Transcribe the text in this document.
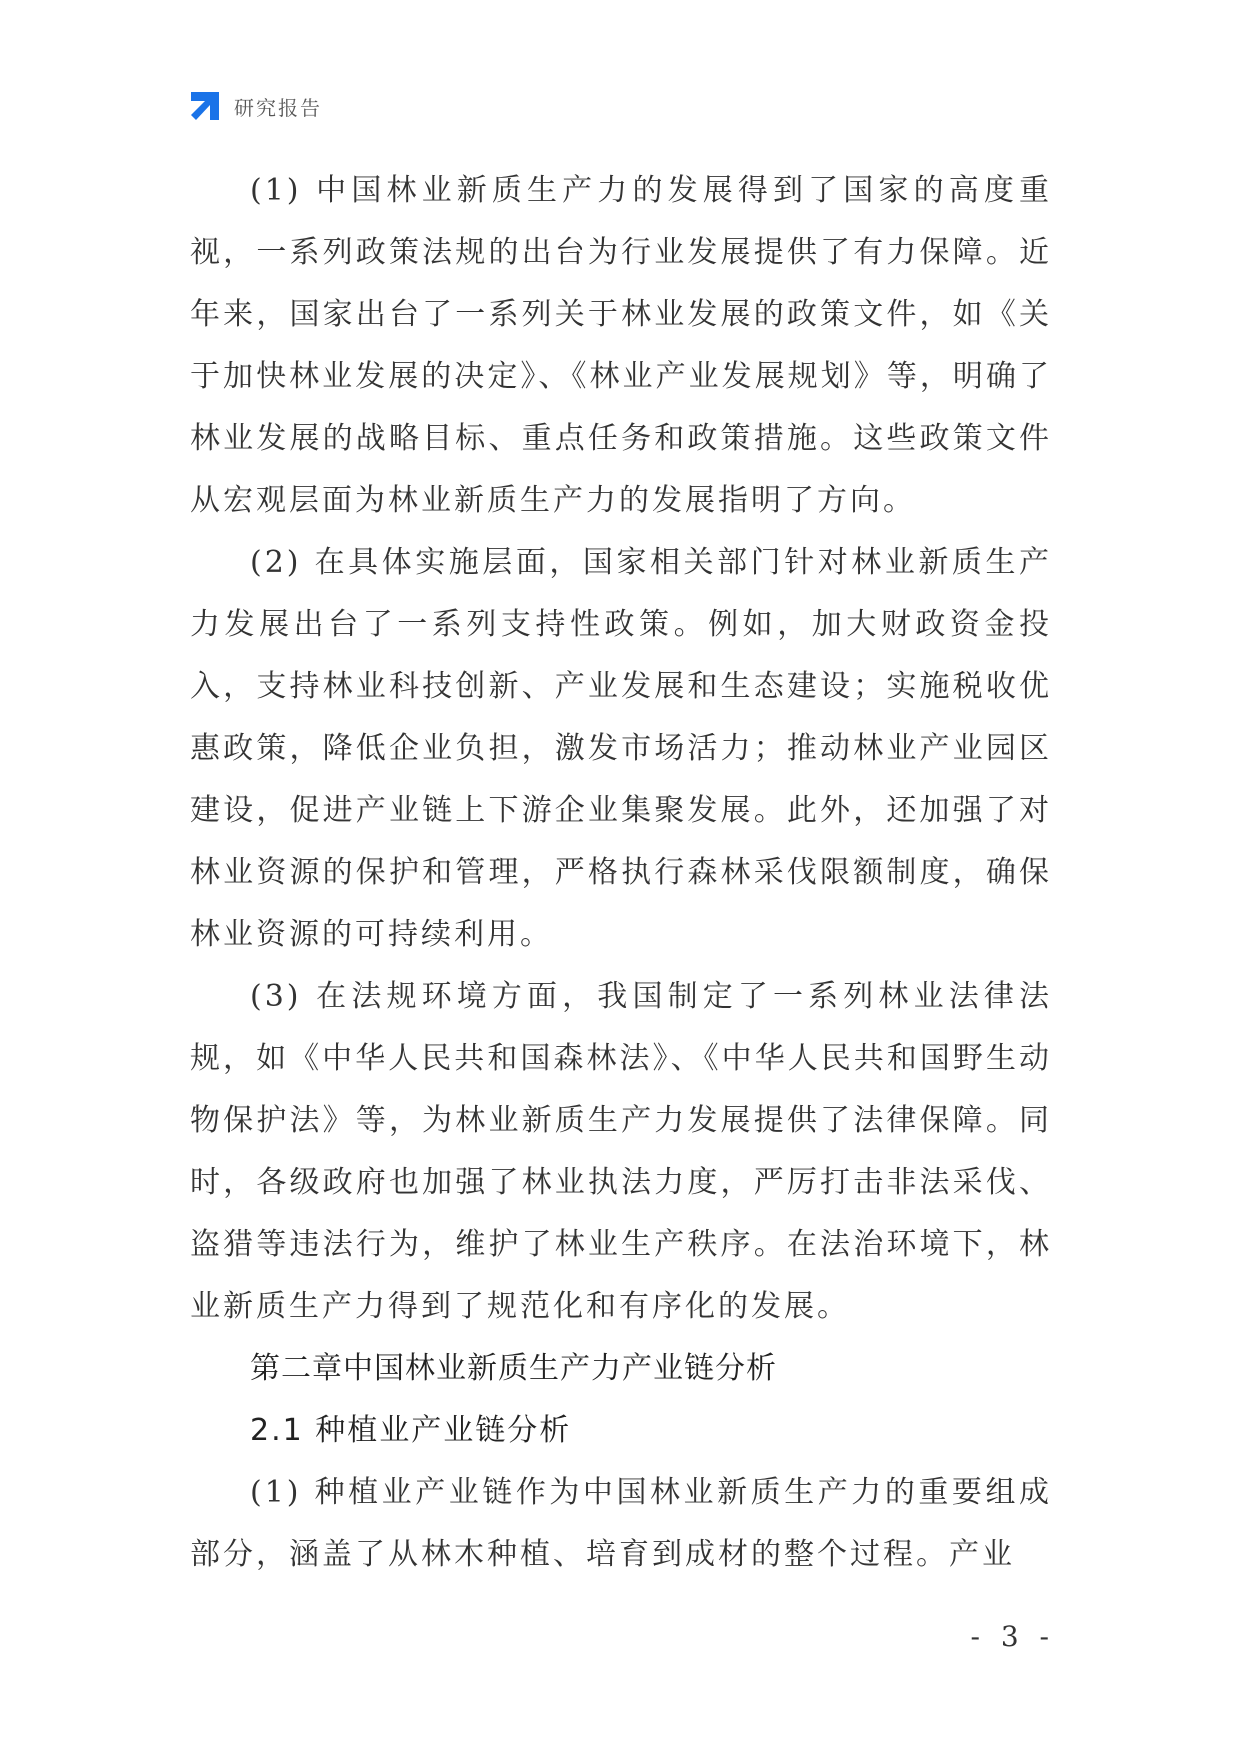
研究报告

(1) 中国林业新质生产力的发展得到了国家的高度重视，一系列政策法规的出台为行业发展提供了有力保障。近年来，国家出台了一系列关于林业发展的政策文件，如《关于加快林业发展的决定》、《林业产业发展规划》等，明确了林业发展的战略目标、重点任务和政策措施。这些政策文件从宏观层面为林业新质生产力的发展指明了方向。

(2) 在具体实施层面，国家相关部门针对林业新质生产力发展出台了一系列支持性政策。例如，加大财政资金投入，支持林业科技创新、产业发展和生态建设；实施税收优惠政策，降低企业负担，激发市场活力；推动林业产业园区建设，促进产业链上下游企业集聚发展。此外，还加强了对林业资源的保护和管理，严格执行森林采伐限额制度，确保林业资源的可持续利用。

(3) 在法规环境方面，我国制定了一系列林业法律法规，如《中华人民共和国森林法》、《中华人民共和国野生动物保护法》等，为林业新质生产力发展提供了法律保障。同时，各级政府也加强了林业执法力度，严厉打击非法采伐、盗猎等违法行为，维护了林业生产秩序。在法治环境下，林业新质生产力得到了规范化和有序化的发展。

第二章中国林业新质生产力产业链分析

2.1 种植业产业链分析

(1) 种植业产业链作为中国林业新质生产力的重要组成部分，涵盖了从林木种植、培育到成材的整个过程。产业

- 3 -
